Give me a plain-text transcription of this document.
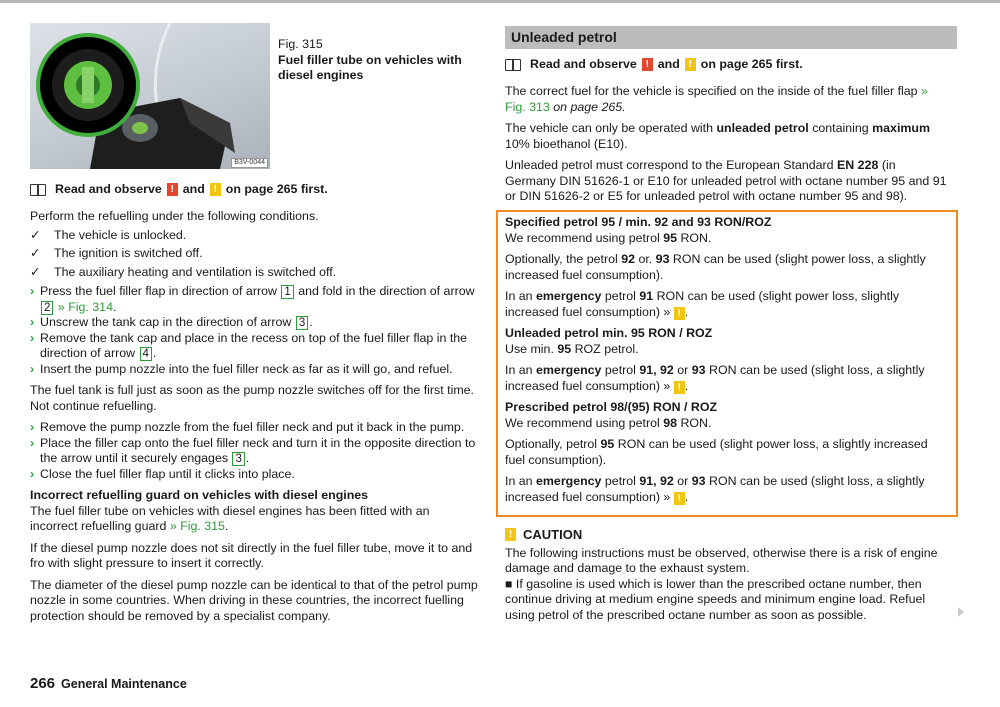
B3V-0044
Fig. 315
Fuel filler tube on vehicles with diesel engines
Read and observe ! and ! on page 265 first.

Perform the refuelling under the following conditions.

✓	The vehicle is unlocked.
✓	The ignition is switched off.
✓	The auxiliary heating and ventilation is switched off.
› Press the fuel filler flap in direction of arrow 1 and fold in the direction of arrow 2 » Fig. 314.
› Unscrew the tank cap in the direction of arrow 3 .
› Remove the tank cap and place in the recess on top of the fuel filler flap in the direction of arrow 4 .
› Insert the pump nozzle into the fuel filler neck as far as it will go, and refuel.

The fuel tank is full just as soon as the pump nozzle switches off for the first time. Not continue refuelling.

› Remove the pump nozzle from the fuel filler neck and put it back in the pump.
› Place the filler cap onto the fuel filler neck and turn it in the opposite direction to the arrow until it securely engages 3 .
› Close the fuel filler flap until it clicks into place.

Incorrect refuelling guard on vehicles with diesel engines

The fuel filler tube on vehicles with diesel engines has been fitted with an incorrect refuelling guard » Fig. 315.

If the diesel pump nozzle does not sit directly in the fuel filler tube, move it to and fro with slight pressure to insert it correctly.

The diameter of the diesel pump nozzle can be identical to that of the petrol pump nozzle in some countries. When driving in these countries, the incorrect fuelling protection should be removed by a specialist company.

266 General Maintenance
Unleaded petrol
Read and observe ! and ! on page 265 first.

The correct fuel for the vehicle is specified on the inside of the fuel filler flap » Fig. 313 on page 265.

The vehicle can only be operated with unleaded petrol containing maximum 10% bioethanol (E10).

Unleaded petrol must correspond to the European Standard EN 228 (in Germany DIN 51626-1 or E10 for unleaded petrol with octane number 95 and 91 or DIN 51626-2 or E5 for unleaded petrol with octane number 95 and 98).

Specified petrol 95 / min. 92 and 93 RON/ROZ

We recommend using petrol 95 RON.

Optionally, the petrol 92 or. 93 RON can be used (slight power loss, a slightly increased fuel consumption).

In an emergency petrol 91 RON can be used (slight power loss, slightly increased fuel consumption) » ! .

Unleaded petrol min. 95 RON / ROZ

Use min. 95 ROZ petrol.

In an emergency petrol 91, 92 or 93 RON can be used (slight loss, a slightly increased fuel consumption) » ! .

Prescribed petrol 98/(95) RON / ROZ

We recommend using petrol 98 RON.

Optionally, petrol 95 RON can be used (slight power loss, a slightly increased fuel consumption).

In an emergency petrol 91, 92 or 93 RON can be used (slight loss, a slightly increased fuel consumption) » ! .

! CAUTION

The following instructions must be observed, otherwise there is a risk of engine damage and damage to the exhaust system.

■ If gasoline is used which is lower than the prescribed octane number, then continue driving at medium engine speeds and minimum engine load. Refuel using petrol of the prescribed octane number as soon as possible.
